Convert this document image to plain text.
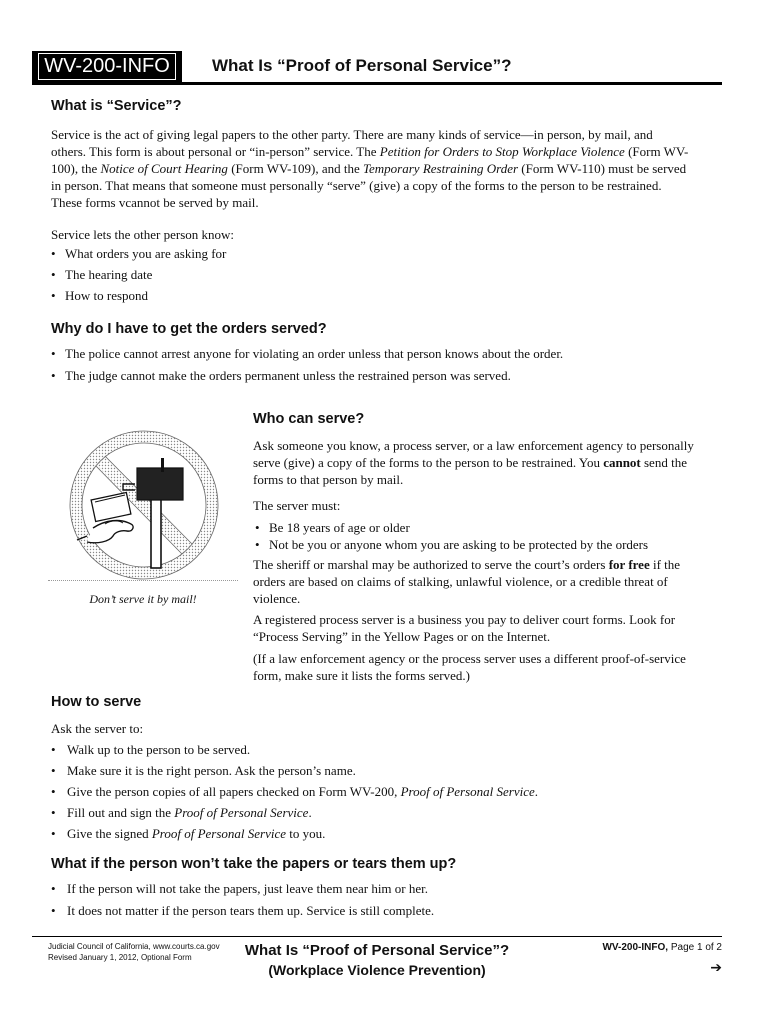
WV-200-INFO	What Is “Proof of Personal Service”?
What is “Service”?
Service is the act of giving legal papers to the other party. There are many kinds of service—in person, by mail, and others. This form is about personal or “in-person” service. The Petition for Orders to Stop Workplace Violence (Form WV-100), the Notice of Court Hearing (Form WV-109), and the Temporary Restraining Order (Form WV-110) must be served in person. That means that someone must personally “serve” (give) a copy of the forms to the person to be restrained. These forms vcannot be served by mail.
Service lets the other person know:
• What orders you are asking for
• The hearing date
• How to respond
Why do I have to get the orders served?
• The police cannot arrest anyone for violating an order unless that person knows about the order.
• The judge cannot make the orders permanent unless the restrained person was served.
Don’t serve it by mail!
Who can serve?
Ask someone you know, a process server, or a law enforcement agency to personally serve (give) a copy of the forms to the person to be restrained. You cannot send the forms to that person by mail.
The server must:
• Be 18 years of age or older
• Not be you or anyone whom you are asking to be protected by the orders
The sheriff or marshal may be authorized to serve the court’s orders for free if the orders are based on claims of stalking, unlawful violence, or a credible threat of violence.
A registered process server is a business you pay to deliver court forms. Look for “Process Serving” in the Yellow Pages or on the Internet.
(If a law enforcement agency or the process server uses a different proof-of-service form, make sure it lists the forms served.)
How to serve
Ask the server to:
• Walk up to the person to be served.
• Make sure it is the right person. Ask the person’s name.
• Give the person copies of all papers checked on Form WV-200, Proof of Personal Service.
• Fill out and sign the Proof of Personal Service.
• Give the signed Proof of Personal Service to you.
What if the person won’t take the papers or tears them up?
• If the person will not take the papers, just leave them near him or her.
• It does not matter if the person tears them up. Service is still complete.
Judicial Council of California, www.courts.ca.gov
Revised January 1, 2012, Optional Form	What Is “Proof of Personal Service”?
(Workplace Violence Prevention)
WV-200-INFO, Page 1 of 2
➔
